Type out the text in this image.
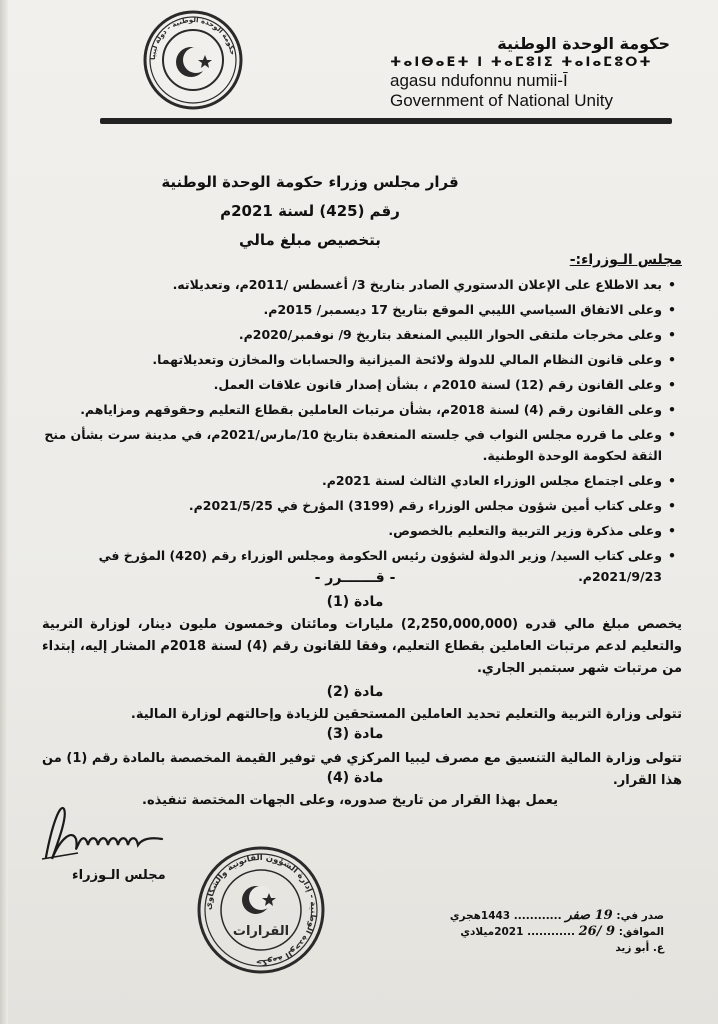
حكومة الوحدة الوطنية - دولة ليبيا	حكومة الوحدة الوطنية
ⵜⴰⵏⴱⴰⴹⵜ ⵏ ⵜⴰⵎⵓⵏⵉ ⵜⴰⵏⴰⵎⵓⵔⵜ
agasu ndufonnu numii-Ī
Government of National Unity
قرار مجلس وزراء حكومة الوحدة الوطنية
رقم (425) لسنة 2021م
بتخصيص مبلغ مالي
مجلس الـوزراء:-
•
بعد الاطلاع على الإعلان الدستوري الصادر بتاريخ 3/ أغسطس /2011م، وتعديلاته.
•
وعلى الاتفاق السياسي الليبي الموقع بتاريخ 17 ديسمبر/ 2015م.
•
وعلى مخرجات ملتقى الحوار الليبي المنعقد بتاريخ 9/ نوفمبر/2020م.
•
وعلى قانون النظام المالي للدولة ولائحة الميزانية والحسابات والمخازن وتعديلاتهما.
•
وعلى القانون رقم (12) لسنة 2010م ، بشأن إصدار قانون علاقات العمل.
•
وعلى القانون رقم (4) لسنة 2018م، بشأن مرتبات العاملين بقطاع التعليم وحقوقهم ومزاياهم.
•
وعلى ما قرره مجلس النواب في جلسته المنعقدة بتاريخ 10/مارس/2021م، في مدينة سرت بشأن منح الثقة لحكومة الوحدة الوطنية.
•
وعلى اجتماع مجلس الوزراء العادي الثالث لسنة 2021م.
•
وعلى كتاب أمين شؤون مجلس الوزراء رقم (3199) المؤرخ في 2021/5/25م.
•
وعلى مذكرة وزير التربية والتعليم بالخصوص.
•
وعلى كتاب السيد/ وزير الدولة لشؤون رئيس الحكومة ومجلس الوزراء رقم (420) المؤرخ في 2021/9/23م.
- قـــــــرر -
مادة (1)
يخصص مبلغ مالي قدره (2,250,000,000) مليارات ومائتان وخمسون مليون دينار، لوزارة التربية والتعليم لدعم مرتبات العاملين بقطاع التعليم، وفقا للقانون رقم (4) لسنة 2018م المشار إليه، إبتداء من مرتبات شهر سبتمبر الجاري.
مادة (2)
تتولى وزارة التربية والتعليم تحديد العاملين المستحقين للزيادة وإحالتهم لوزارة المالية.
مادة (3)
تتولى وزارة المالية التنسيق مع مصرف ليبيا المركزي في توفير القيمة المخصصة بالمادة رقم (1) من هذا القرار.
مادة (4)
يعمل بهذا القرار من تاريخ صدوره، وعلى الجهات المختصة تنفيذه.
مجلس الـوزراء
حكومة الوحدة الوطنية - إدارة الشؤون القانونية والشكاوى
القرارات
صدر في: 19 صفر ............ 1443هجري
الموافق: 9 /26 ............ 2021ميلادي
ع. أبو زيد
